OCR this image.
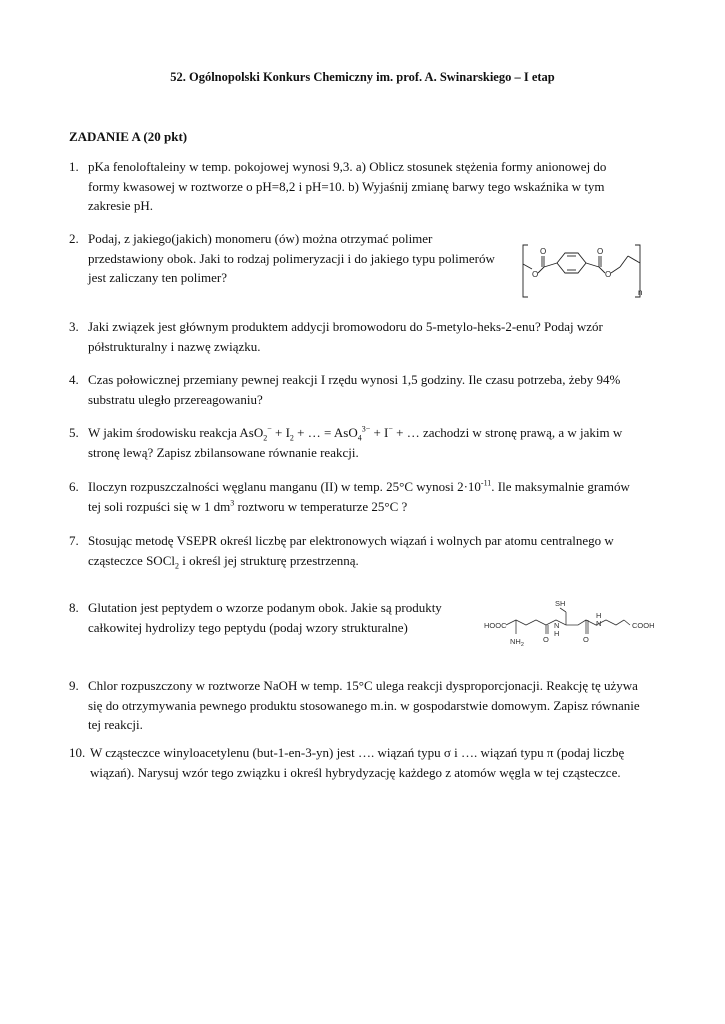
52. Ogólnopolski Konkurs Chemiczny im. prof. A. Swinarskiego – I etap
ZADANIE A (20 pkt)
1. pKa fenoloftaleiny w temp. pokojowej wynosi 9,3. a) Oblicz stosunek stężenia formy anionowej do
formy kwasowej w roztworze o pH=8,2 i pH=10. b) Wyjaśnij zmianę barwy tego wskaźnika w tym
zakresie pH.
2. Podaj, z jakiego(jakich) monomeru (ów) można otrzymać polimer
przedstawiony obok. Jaki to rodzaj polimeryzacji i do jakiego typu polimerów
jest zaliczany ten polimer?
O
O
O
O
n
3. Jaki związek jest głównym produktem addycji bromowodoru do 5-metylo-heks-2-enu? Podaj wzór
półstrukturalny i nazwę związku.
4. Czas połowicznej przemiany pewnej reakcji I rzędu wynosi 1,5 godziny. Ile czasu potrzeba, żeby 94%
substratu uległo przereagowaniu?
5. W jakim środowisku reakcja $AsO_2^- + I_2$ + … = AsO$_4^{3-}$ + I− + … zachodzi w stronę prawą, a w jakim w
stronę lewą? Zapisz zbilansowane równanie reakcji.
6. Iloczyn rozpuszczalności węglanu manganu (II) w temp. 25°C wynosi $2\cdot 10^{-11}$. Ile maksymalnie gramów
tej soli rozpuści się w 1 $dm^3$ roztworu w temperaturze 25°C ?
7. Stosując metodę VSEPR określ liczbę par elektronowych wiązań i wolnych par atomu centralnego w
cząsteczce SOCl$_2$ i określ jej strukturę przestrzenną.
8. Glutation jest peptydem o wzorze podanym obok. Jakie są produkty
całkowitej hydrolizy tego peptydu (podaj wzory strukturalne)
SH
HOOC
$NH_2$
O
N
H
O
H
N	COOH
9. Chlor rozpuszczony w roztworze NaOH w temp. 15°C ulega reakcji dysproporcjonacji. Reakcję tę używa
się do otrzymywania pewnego produktu stosowanego m.in. w gospodarstwie domowym. Zapisz równanie
tej reakcji.
10. W cząsteczce winyloacetylenu (but-1-en-3-yn) jest …. wiązań typu σ i …. wiązań typu π (podaj liczbę
wiązań). Narysuj wzór tego związku i określ hybrydyzację każdego z atomów węgla w tej cząsteczce.
